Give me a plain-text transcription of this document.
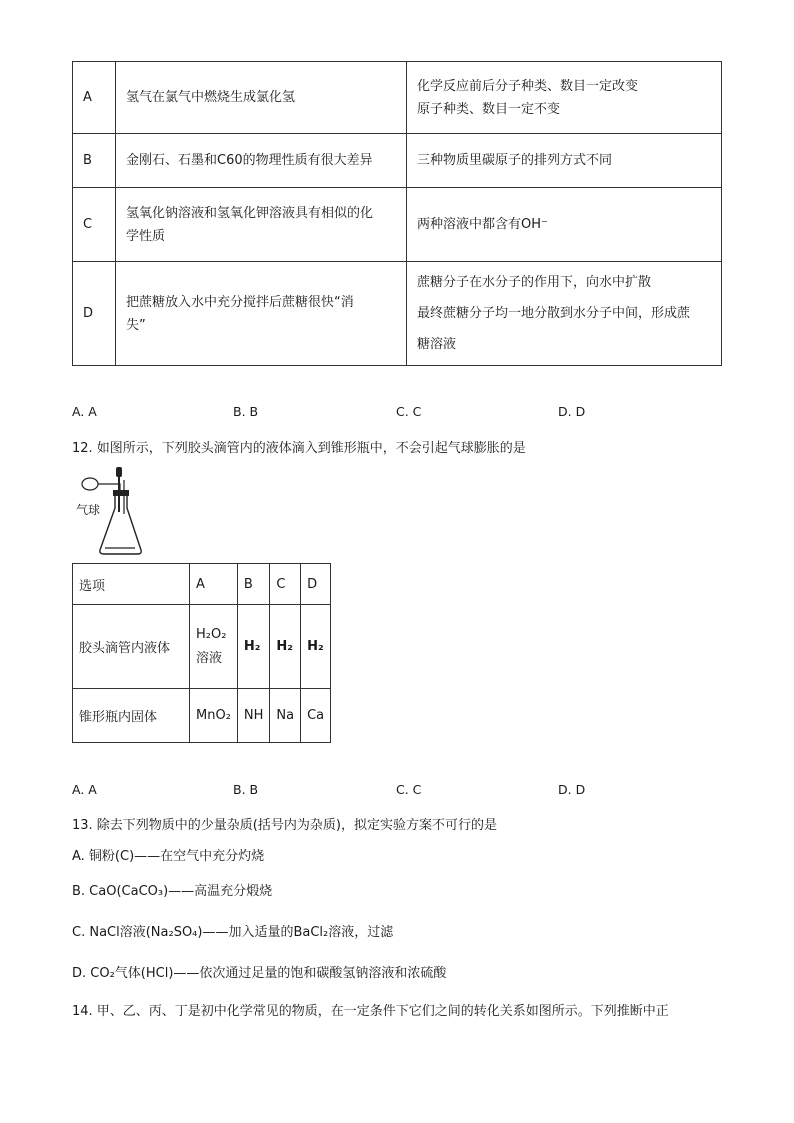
A	氢气在氯气中燃烧生成氯化氢	化学反应前后分子种类、数目一定改变
原子种类、数目一定不变

B	金刚石、石墨和C60的物理性质有很大差异	三种物质里碳原子的排列方式不同

C	氢氧化钠溶液和氢氧化钾溶液具有相似的化
学性质	两种溶液中都含有OH⁻

D	把蔗糖放入水中充分搅拌后蔗糖很快“消
失”	蔗糖分子在水分子的作用下，向水中扩散
最终蔗糖分子均一地分散到水分子中间，形成蔗
糖溶液
A. A	B. B	C. C	D. D
12. 如图所示，下列胶头滴管内的液体滴入到锥形瓶中，不会引起气球膨胀的是
气球
选项	A	B	C	D
胶头滴管内液体	H₂O₂
溶液	H₂	H₂	H₂
锥形瓶内固体	MnO₂	NH	Na	Ca
A. A	B. B	C. C	D. D
13. 除去下列物质中的少量杂质(括号内为杂质)，拟定实验方案不可行的是
A. 铜粉(C)——在空气中充分灼烧
B. CaO(CaCO₃)——高温充分煅烧
C. NaCl溶液(Na₂SO₄)——加入适量的BaCl₂溶液，过滤
D. CO₂气体(HCl)——依次通过足量的饱和碳酸氢钠溶液和浓硫酸
14. 甲、乙、丙、丁是初中化学常见的物质，在一定条件下它们之间的转化关系如图所示。下列推断中正
